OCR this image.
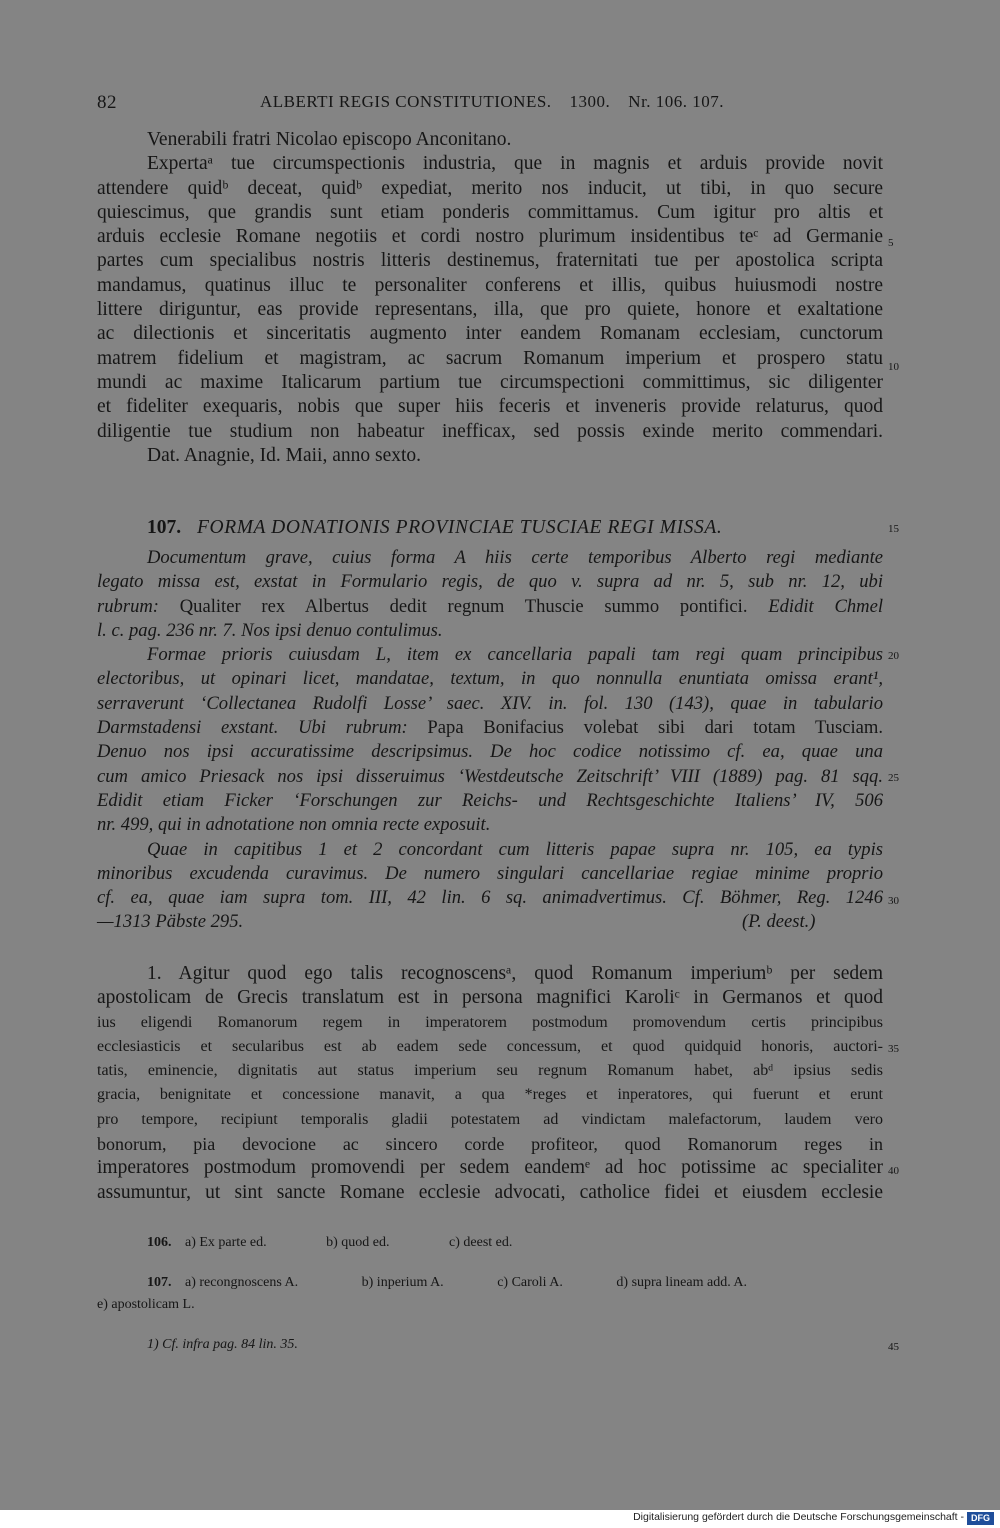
82	ALBERTI REGIS CONSTITUTIONES. 1300. Nr. 106. 107.
Venerabili fratri Nicolao episcopo Anconitano.
Expertaᵃ tue circumspectionis industria, que in magnis et arduis provide novit
attendere quidᵇ deceat, quidᵇ expediat, merito nos inducit, ut tibi, in quo secure
quiescimus, que grandis sunt etiam ponderis committamus. Cum igitur pro altis et
arduis ecclesie Romane negotiis et cordi nostro plurimum insidentibus teᶜ ad Germanie
partes cum specialibus nostris litteris destinemus, fraternitati tue per apostolica scripta
mandamus, quatinus illuc te personaliter conferens et illis, quibus huiusmodi nostre
littere diriguntur, eas provide representans, illa, que pro quiete, honore et exaltatione
ac dilectionis et sinceritatis augmento inter eandem Romanam ecclesiam, cunctorum
matrem fidelium et magistram, ac sacrum Romanum imperium et prospero statu
mundi ac maxime Italicarum partium tue circumspectioni committimus, sic diligenter
et fideliter exequaris, nobis que super hiis feceris et inveneris provide relaturus, quod
diligentie tue studium non habeatur inefficax, sed possis exinde merito commendari.
Dat. Anagnie, Id. Maii, anno sexto.
107. FORMA DONATIONIS PROVINCIAE TUSCIAE REGI MISSA.
Documentum grave, cuius forma A hiis certe temporibus Alberto regi mediante
legato missa est, exstat in Formulario regis, de quo v. supra ad nr. 5, sub nr. 12, ubi
rubrum: Qualiter rex Albertus dedit regnum Thuscie summo pontifici. Edidit Chmel
l. c. pag. 236 nr. 7. Nos ipsi denuo contulimus.
Formae prioris cuiusdam L, item ex cancellaria papali tam regi quam principibus
electoribus, ut opinari licet, mandatae, textum, in quo nonnulla enuntiata omissa erant¹,
serraverunt ‘Collectanea Rudolfi Losse’ saec. XIV. in. fol. 130 (143), quae in tabulario
Darmstadensi exstant. Ubi rubrum: Papa Bonifacius volebat sibi dari totam Tusciam.
Denuo nos ipsi accuratissime descripsimus. De hoc codice notissimo cf. ea, quae una
cum amico Priesack nos ipsi disseruimus ‘Westdeutsche Zeitschrift’ VIII (1889) pag. 81 sqq.
Edidit etiam Ficker ‘Forschungen zur Reichs- und Rechtsgeschichte Italiens’ IV, 506
nr. 499, qui in adnotatione non omnia recte exposuit.
Quae in capitibus 1 et 2 concordant cum litteris papae supra nr. 105, ea typis
minoribus excudenda curavimus. De numero singulari cancellariae regiae minime proprio
cf. ea, quae iam supra tom. III, 42 lin. 6 sq. animadvertimus. Cf. Böhmer, Reg. 1246
—1313 Päbste 295.	(P. deest.)
1. Agitur quod ego talis recognoscensᵃ, quod Romanum imperiumᵇ per sedem
apostolicam de Grecis translatum est in persona magnifici Karoliᶜ in Germanos et quod
ius eligendi Romanorum regem in imperatorem postmodum promovendum certis principibus
ecclesiasticis et secularibus est ab eadem sede concessum, et quod quidquid honoris, auctori-
tatis, eminencie, dignitatis aut status imperium seu regnum Romanum habet, abᵈ ipsius sedis
gracia, benignitate et concessione manavit, a qua *reges et inperatores, qui fuerunt et erunt
pro tempore, recipiunt temporalis gladii potestatem ad vindictam malefactorum, laudem vero
bonorum, pia devocione ac sincero corde profiteor, quod Romanorum reges in
imperatores postmodum promovendi per sedem eandemᵉ ad hoc potissime ac specialiter
assumuntur, ut sint sancte Romane ecclesie advocati, catholice fidei et eiusdem ecclesie
106. a) Ex parte ed.	b) quod ed.	c) deest ed.
107. a) recongnoscens A.	b) inperium A.	c) Caroli A.	d) supra lineam add. A.
e) apostolicam L.
1) Cf. infra pag. 84 lin. 35.
5
10
15
20
25
30
35
40
45
Digitalisierung gefördert durch die Deutsche Forschungsgemeinschaft - DFG
